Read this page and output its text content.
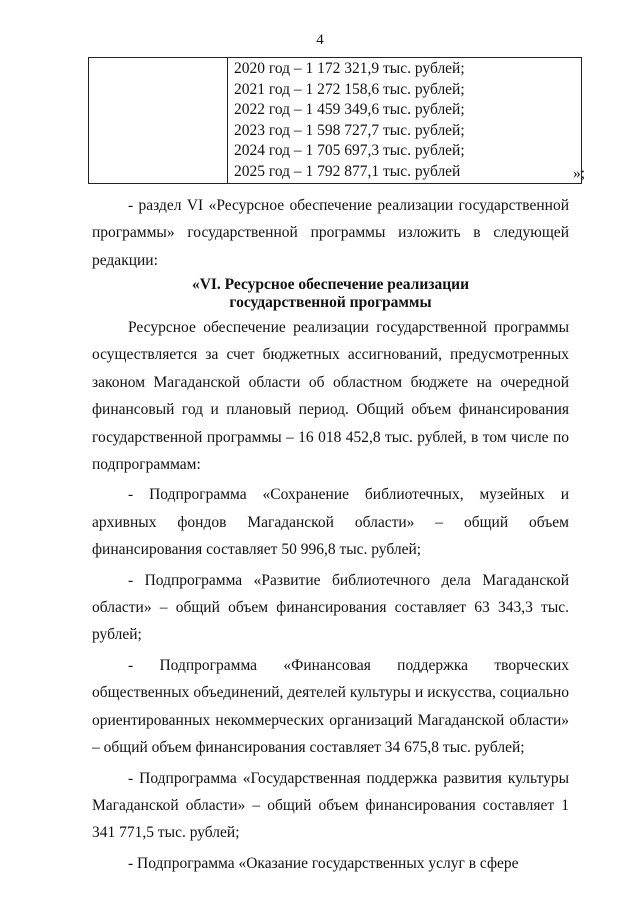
4

2020 год – 1 172 321,9 тыс. рублей;
2021 год – 1 272 158,6 тыс. рублей;
2022 год – 1 459 349,6 тыс. рублей;
2023 год – 1 598 727,7 тыс. рублей;
2024 год – 1 705 697,3 тыс. рублей;
2025 год – 1 792 877,1 тыс. рублей	»;

- раздел VI «Ресурсное обеспечение реализации государственной программы» государственной программы изложить в следующей редакции:

«VI. Ресурсное обеспечение реализации

государственной программы

Ресурсное обеспечение реализации государственной программы осуществляется за счет бюджетных ассигнований, предусмотренных законом Магаданской области об областном бюджете на очередной финансовый год и плановый период. Общий объем финансирования государственной программы – 16 018 452,8 тыс. рублей, в том числе по подпрограммам:

- Подпрограмма «Сохранение библиотечных, музейных и архивных фондов Магаданской области» – общий объем финансирования составляет 50 996,8 тыс. рублей;

- Подпрограмма «Развитие библиотечного дела Магаданской области» – общий объем финансирования составляет 63 343,3 тыс. рублей;

- Подпрограмма «Финансовая поддержка творческих общественных объединений, деятелей культуры и искусства, социально ориентированных некоммерческих организаций Магаданской области» – общий объем финансирования составляет 34 675,8 тыс. рублей;

- Подпрограмма «Государственная поддержка развития культуры Магаданской области» – общий объем финансирования составляет 1 341 771,5 тыс. рублей;

- Подпрограмма «Оказание государственных услуг в сфере
